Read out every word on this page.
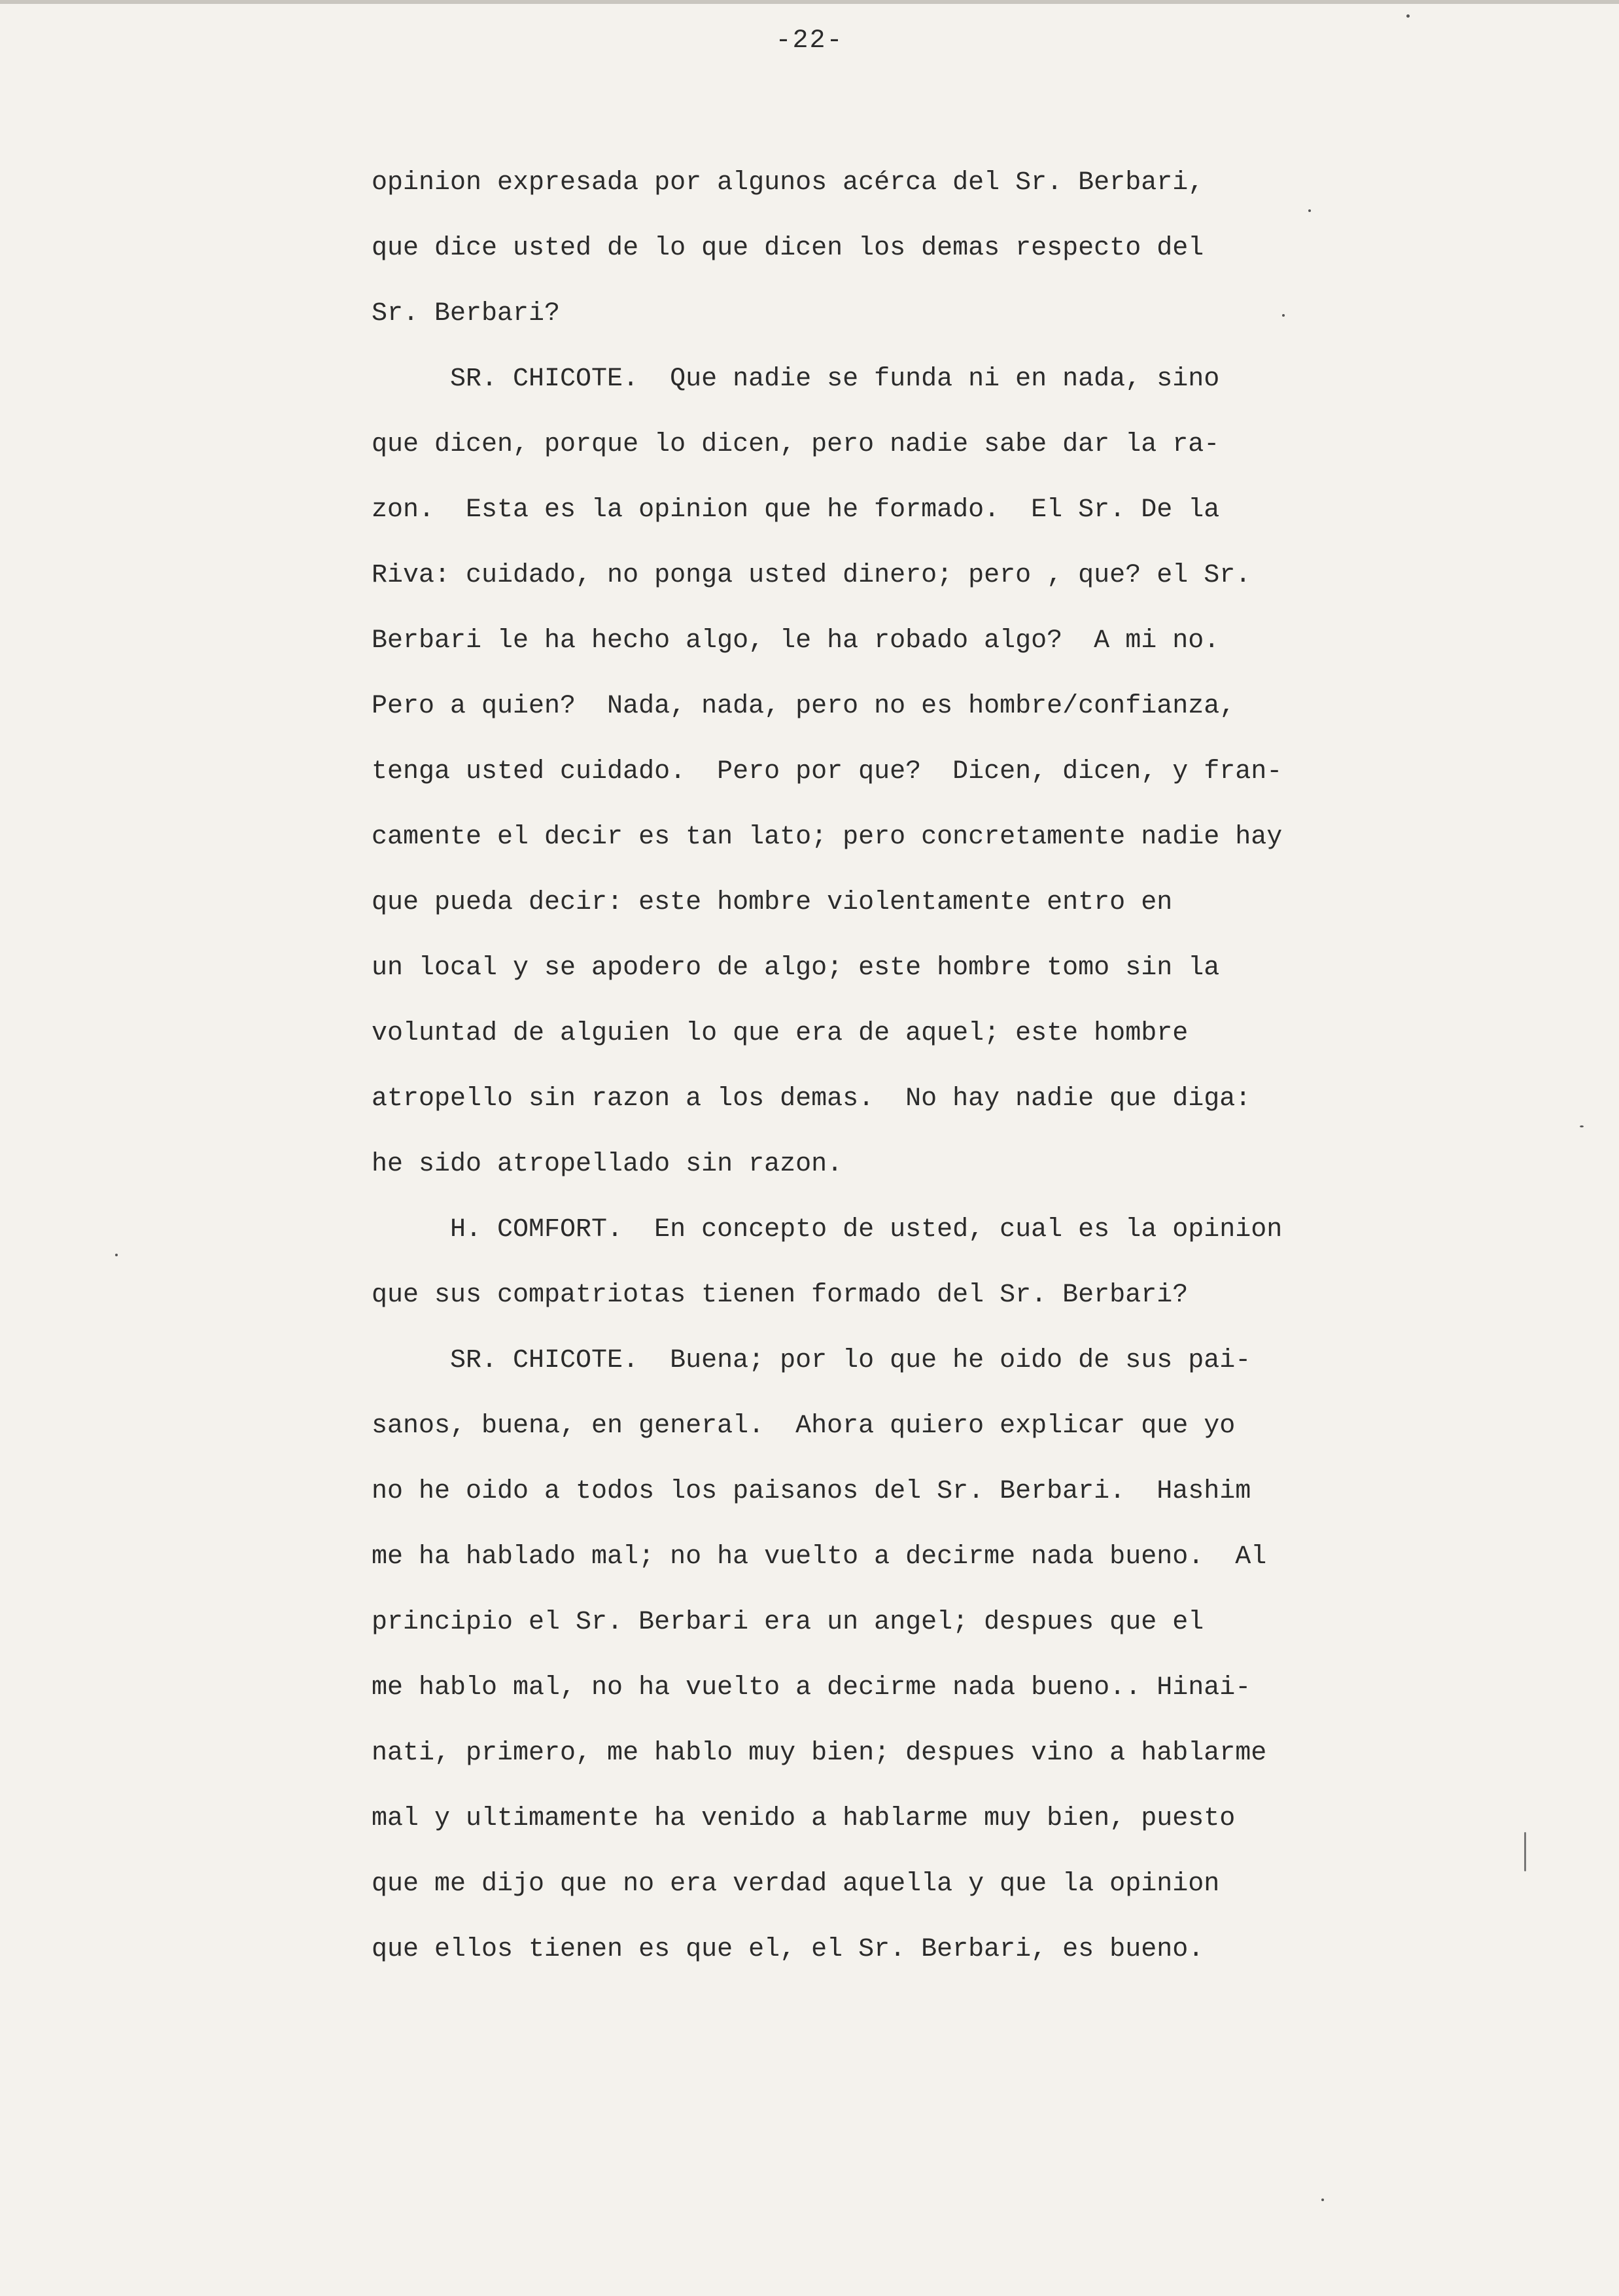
-22-
opinion expresada por algunos acérca del Sr. Berbari,
que dice usted de lo que dicen los demas respecto del
Sr. Berbari?
SR. CHICOTE.  Que nadie se funda ni en nada, sino
que dicen, porque lo dicen, pero nadie sabe dar la ra-
zon.  Esta es la opinion que he formado.  El Sr. De la
Riva: cuidado, no ponga usted dinero; pero , que? el Sr.
Berbari le ha hecho algo, le ha robado algo?  A mi no.
Pero a quien?  Nada, nada, pero no es hombre/confianza,
tenga usted cuidado.  Pero por que?  Dicen, dicen, y fran-
camente el decir es tan lato; pero concretamente nadie hay
que pueda decir: este hombre violentamente entro en
un local y se apodero de algo; este hombre tomo sin la
voluntad de alguien lo que era de aquel; este hombre
atropello sin razon a los demas.  No hay nadie que diga:
he sido atropellado sin razon.
H. COMFORT.  En concepto de usted, cual es la opinion
que sus compatriotas tienen formado del Sr. Berbari?
SR. CHICOTE.  Buena; por lo que he oido de sus pai-
sanos, buena, en general.  Ahora quiero explicar que yo
no he oido a todos los paisanos del Sr. Berbari.  Hashim
me ha hablado mal; no ha vuelto a decirme nada bueno.  Al
principio el Sr. Berbari era un angel; despues que el
me hablo mal, no ha vuelto a decirme nada bueno.. Hinai-
nati, primero, me hablo muy bien; despues vino a hablarme
mal y ultimamente ha venido a hablarme muy bien, puesto
que me dijo que no era verdad aquella y que la opinion
que ellos tienen es que el, el Sr. Berbari, es bueno.
